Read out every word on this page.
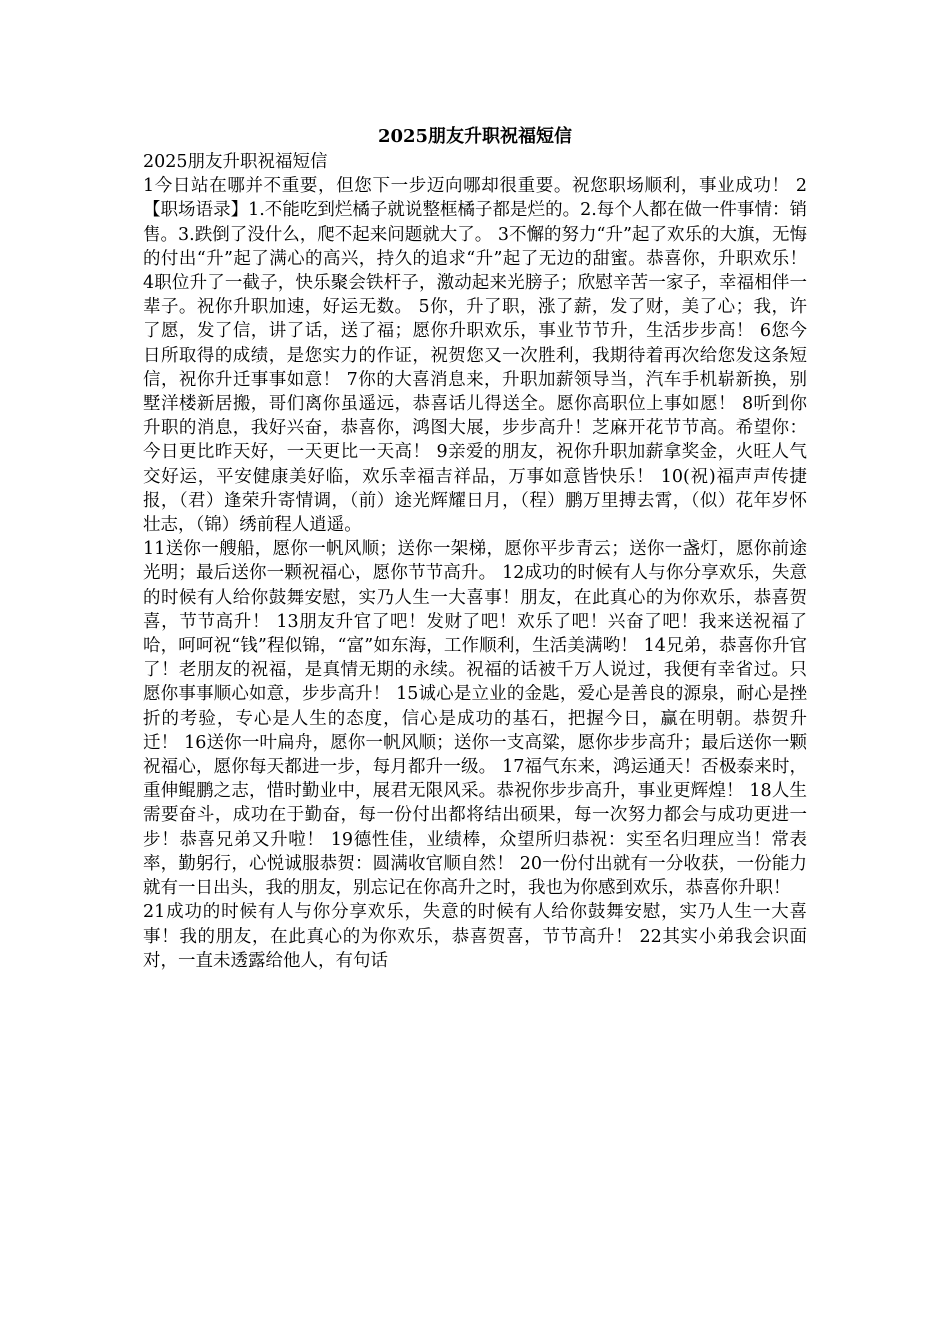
2025朋友升职祝福短信

2025朋友升职祝福短信

1今日站在哪并不重要，但您下一步迈向哪却很重要。祝您职场顺利，事业成功！ 2【职场语录】1.不能吃到烂橘子就说整框橘子都是烂的。2.每个人都在做一件事情：销售。3.跌倒了没什么，爬不起来问题就大了。 3不懈的努力“升”起了欢乐的大旗，无悔的付出“升”起了满心的高兴，持久的追求“升”起了无边的甜蜜。恭喜你，升职欢乐！ 4职位升了一截子，快乐聚会铁杆子，激动起来光膀子；欣慰辛苦一家子，幸福相伴一辈子。祝你升职加速，好运无数。 5你，升了职，涨了薪，发了财，美了心；我，许了愿，发了信，讲了话，送了福；愿你升职欢乐，事业节节升，生活步步高！ 6您今日所取得的成绩，是您实力的作证，祝贺您又一次胜利，我期待着再次给您发这条短信，祝你升迁事事如意！ 7你的大喜消息来，升职加薪领导当，汽车手机崭新换，别墅洋楼新居搬，哥们离你虽遥远，恭喜话儿得送全。愿你高职位上事如愿！ 8听到你升职的消息，我好兴奋，恭喜你，鸿图大展，步步高升！芝麻开花节节高。希望你：今日更比昨天好，一天更比一天高！ 9亲爱的朋友，祝你升职加薪拿奖金，火旺人气交好运，平安健康美好临，欢乐幸福吉祥品，万事如意皆快乐！ 10(祝)福声声传捷报，（君）逢荣升寄情调，（前）途光辉耀日月，（程）鹏万里搏去霄，（似）花年岁怀壮志，（锦）绣前程人逍遥。

11送你一艘船，愿你一帆风顺；送你一架梯，愿你平步青云；送你一盏灯，愿你前途光明；最后送你一颗祝福心，愿你节节高升。 12成功的时候有人与你分享欢乐，失意的时候有人给你鼓舞安慰，实乃人生一大喜事！朋友，在此真心的为你欢乐，恭喜贺喜，节节高升！ 13朋友升官了吧！发财了吧！欢乐了吧！兴奋了吧！我来送祝福了哈，呵呵祝“钱”程似锦，“富”如东海，工作顺利，生活美满哟！ 14兄弟，恭喜你升官了！老朋友的祝福，是真情无期的永续。祝福的话被千万人说过，我便有幸省过。只愿你事事顺心如意，步步高升！ 15诚心是立业的金匙，爱心是善良的源泉，耐心是挫折的考验，专心是人生的态度，信心是成功的基石，把握今日，赢在明朝。恭贺升迁！ 16送你一叶扁舟，愿你一帆风顺；送你一支高粱，愿你步步高升；最后送你一颗祝福心，愿你每天都进一步，每月都升一级。 17福气东来，鸿运通天！否极泰来时，重伸鲲鹏之志，惜时勤业中，展君无限风采。恭祝你步步高升，事业更辉煌！ 18人生需要奋斗，成功在于勤奋，每一份付出都将结出硕果，每一次努力都会与成功更进一步！恭喜兄弟又升啦！ 19德性佳，业绩棒，众望所归恭祝：实至名归理应当！常表率，勤躬行，心悦诚服恭贺：圆满收官顺自然！ 20一份付出就有一分收获，一份能力就有一日出头，我的朋友，别忘记在你高升之时，我也为你感到欢乐，恭喜你升职！

21成功的时候有人与你分享欢乐，失意的时候有人给你鼓舞安慰，实乃人生一大喜事！我的朋友，在此真心的为你欢乐，恭喜贺喜，节节高升！ 22其实小弟我会识面对，一直未透露给他人，有句话
